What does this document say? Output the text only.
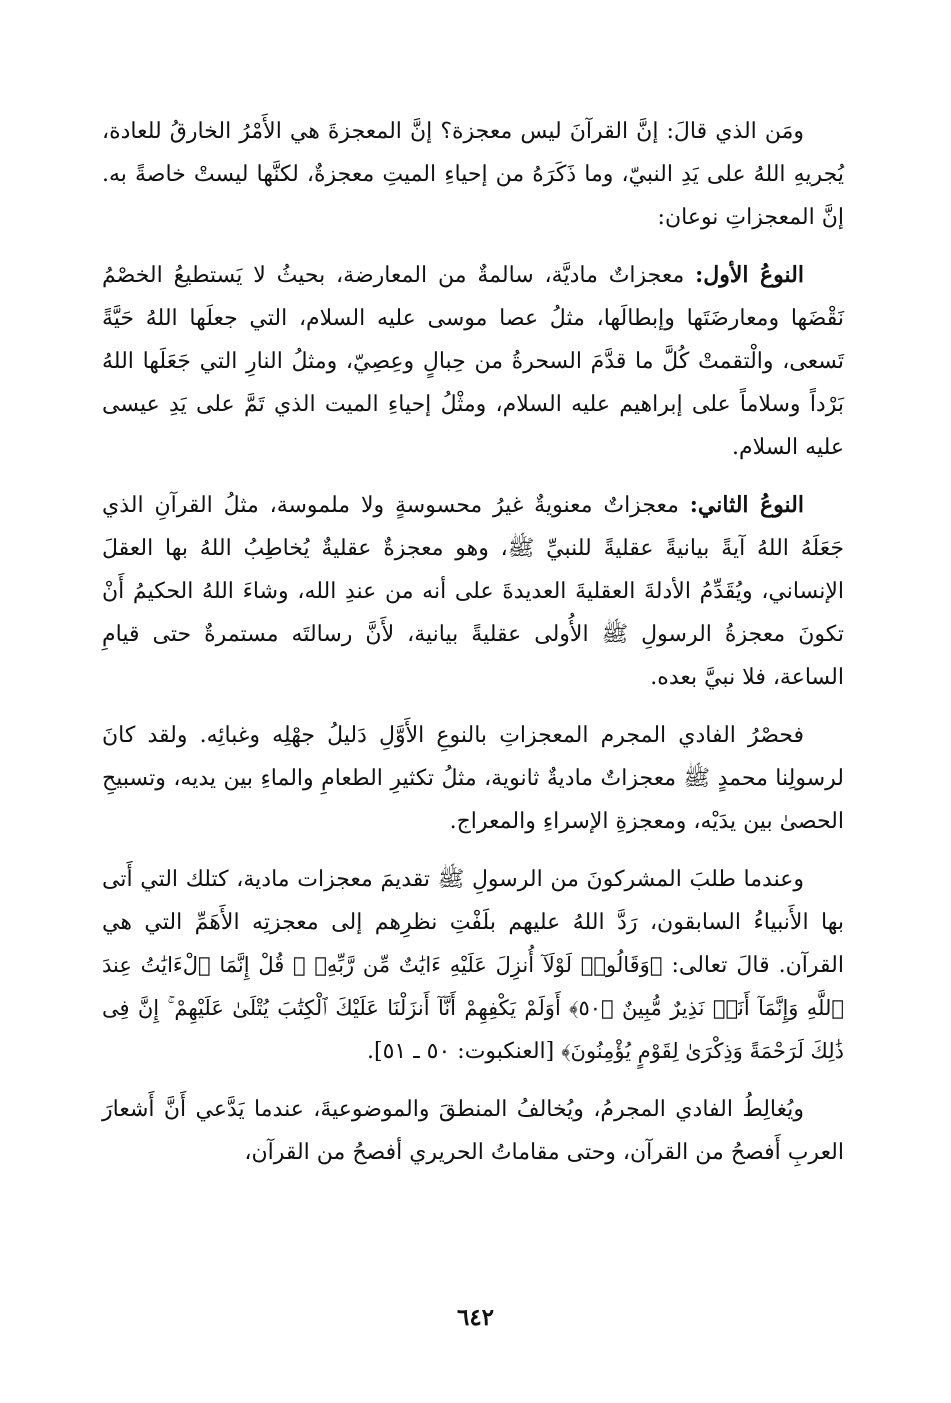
ومَن الذي قالَ: إنَّ القرآنَ ليس معجزة؟ إنَّ المعجزةَ هي الأَمْرُ الخارقُ للعادة، يُجريهِ اللهُ على يَدِ النبيّ، وما ذَكَرَهُ من إحياءِ الميتِ معجزةٌ، لكنَّها ليستْ خاصةً به. إنَّ المعجزاتِ نوعان:

النوعُ الأول: معجزاتٌ ماديَّة، سالمةٌ من المعارضة، بحيثُ لا يَستطيعُ الخصْمُ نَقْضَها ومعارضَتَها وإبطالَها، مثلُ عصا موسى عليه السلام، التي جعلَها اللهُ حَيَّةً تَسعى، والْتقمتْ كُلَّ ما قدَّمَ السحرةُ من حِبالٍ وعِصِيّ، ومثلُ النارِ التي جَعَلَها اللهُ بَرْداً وسلاماً على إبراهيم عليه السلام، ومثْلُ إحياءِ الميت الذي تَمَّ على يَدِ عيسى عليه السلام.

النوعُ الثاني: معجزاتٌ معنويةٌ غيرُ محسوسةٍ ولا ملموسة، مثلُ القرآنِ الذي جَعَلَهُ اللهُ آيةً بيانيةً عقليةً للنبيِّ ﷺ، وهو معجزةٌ عقليةٌ يُخاطِبُ اللهُ بها العقلَ الإنساني، ويُقَدِّمُ الأدلةَ العقليةَ العديدةَ على أنه من عندِ الله، وشاءَ اللهُ الحكيمُ أَنْ تكونَ معجزةُ الرسولِ ﷺ الأُولى عقليةً بيانية، لأَنَّ رسالتَه مستمرةٌ حتى قيامِ الساعة، فلا نبيَّ بعده.

فحصْرُ الفادي المجرم المعجزاتِ بالنوعِ الأَوَّلِ دَليلُ جهْلِه وغبائِه. ولقد كانَ لرسولِنا محمدٍ ﷺ معجزاتٌ ماديةٌ ثانوية، مثلُ تكثيرِ الطعامِ والماءِ بين يديه، وتسبيحِ الحصىٰ بين يدَيْه، ومعجزةِ الإسراءِ والمعراج.

وعندما طلبَ المشركونَ من الرسولِ ﷺ تقديمَ معجزات مادية، كتلك التي أَتى بها الأَنبياءُ السابقون، رَدَّ اللهُ عليهم بلَفْتِ نظرِهم إلى معجزتِه الأَهَمِّ التي هي القرآن. قالَ تعالى: ﴿وَقَالُوا۟ لَوْلَآ أُنزِلَ عَلَيْهِ ءَايَٰتٌ مِّن رَّبِّهِۦ ۖ قُلْ إِنَّمَا ٱلْءَايَٰتُ عِندَ ٱللَّهِ وَإِنَّمَآ أَنَا۠ نَذِيرٌ مُّبِينٌ ﴿٥٠﴾ أَوَلَمْ يَكْفِهِمْ أَنَّآ أَنزَلْنَا عَلَيْكَ ٱلْكِتَٰبَ يُتْلَىٰ عَلَيْهِمْ ۚ إِنَّ فِى ذَٰلِكَ لَرَحْمَةً وَذِكْرَىٰ لِقَوْمٍ يُؤْمِنُونَ﴾ [العنكبوت: ٥٠ ـ ٥١].

ويُغالِطُ الفادي المجرمُ، ويُخالفُ المنطقَ والموضوعيةَ، عندما يَدَّعي أَنَّ أَشعارَ العربِ أَفصحُ من القرآن، وحتى مقاماتُ الحريري أفصحُ من القرآن،

٦٤٢
